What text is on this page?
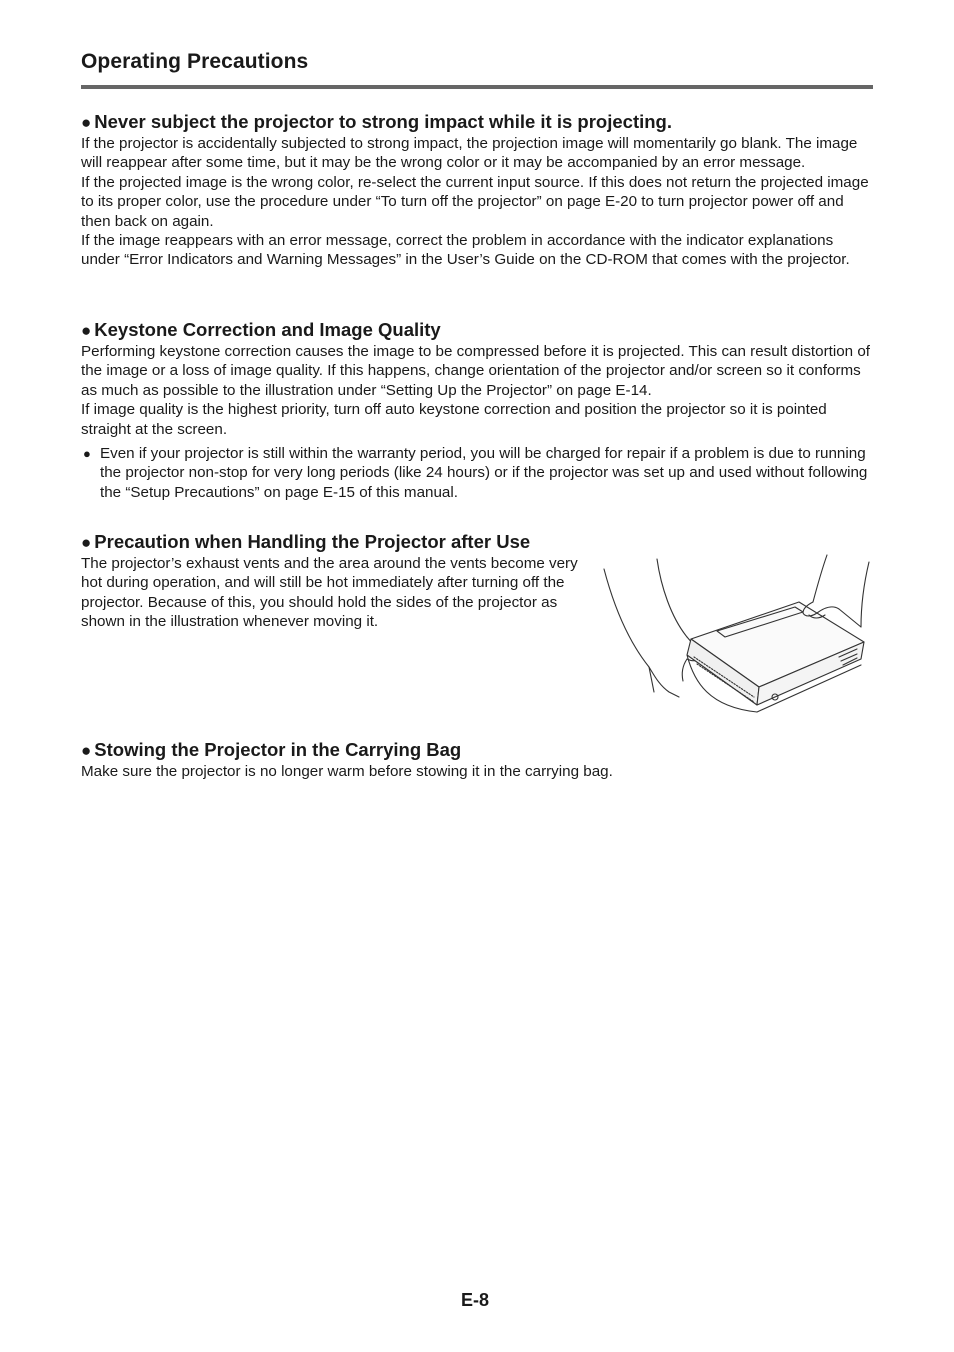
Operating Precautions
● Never subject the projector to strong impact while it is projecting.

If the projector is accidentally subjected to strong impact, the projection image will momentarily go blank. The image will reappear after some time, but it may be the wrong color or it may be accompanied by an error message.

If the projected image is the wrong color, re-select the current input source. If this does not return the projected image to its proper color, use the procedure under “To turn off the projector” on page E-20 to turn projector power off and then back on again.

If the image reappears with an error message, correct the problem in accordance with the indicator explanations under “Error Indicators and Warning Messages” in the User’s Guide on the CD-ROM that comes with the projector.

● Keystone Correction and Image Quality

Performing keystone correction causes the image to be compressed before it is projected. This can result distortion of the image or a loss of image quality. If this happens, change orientation of the projector and/or screen so it conforms as much as possible to the illustration under “Setting Up the Projector” on page E-14.

If image quality is the highest priority, turn off auto keystone correction and position the projector so it is pointed straight at the screen.

● Even if your projector is still within the warranty period, you will be charged for repair if a problem is due to running the projector non-stop for very long periods (like 24 hours) or if the projector was set up and used without following the “Setup Precautions” on page E-15 of this manual.
● Precaution when Handling the Projector after Use

The projector’s exhaust vents and the area around the vents become very hot during operation, and will still be hot immediately after turning off the projector. Because of this, you should hold the sides of the projector as shown in the illustration whenever moving it.

● Stowing the Projector in the Carrying Bag

Make sure the projector is no longer warm before stowing it in the carrying bag.

E-8
